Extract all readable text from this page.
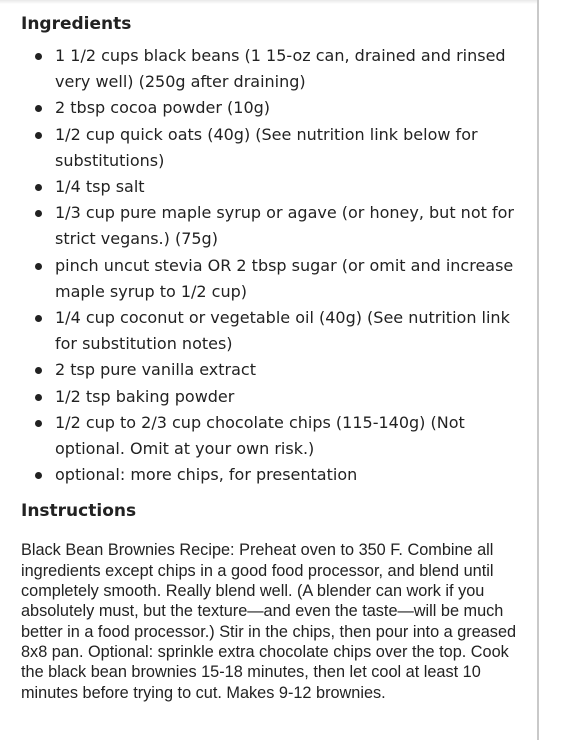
Ingredients
1 1/2 cups black beans (1 15-oz can, drained and rinsed very well) (250g after draining)
2 tbsp cocoa powder (10g)
1/2 cup quick oats (40g) (See nutrition link below for substitutions)
1/4 tsp salt
1/3 cup pure maple syrup or agave (or honey, but not for strict vegans.) (75g)
pinch uncut stevia OR 2 tbsp sugar (or omit and increase maple syrup to 1/2 cup)
1/4 cup coconut or vegetable oil (40g) (See nutrition link for substitution notes)
2 tsp pure vanilla extract
1/2 tsp baking powder
1/2 cup to 2/3 cup chocolate chips (115-140g) (Not optional. Omit at your own risk.)
optional: more chips, for presentation
Instructions

Black Bean Brownies Recipe: Preheat oven to 350 F. Combine all ingredients except chips in a good food processor, and blend until completely smooth. Really blend well. (A blender can work if you absolutely must, but the texture—and even the taste—will be much better in a food processor.) Stir in the chips, then pour into a greased 8x8 pan. Optional: sprinkle extra chocolate chips over the top. Cook the black bean brownies 15-18 minutes, then let cool at least 10 minutes before trying to cut. Makes 9-12 brownies.
